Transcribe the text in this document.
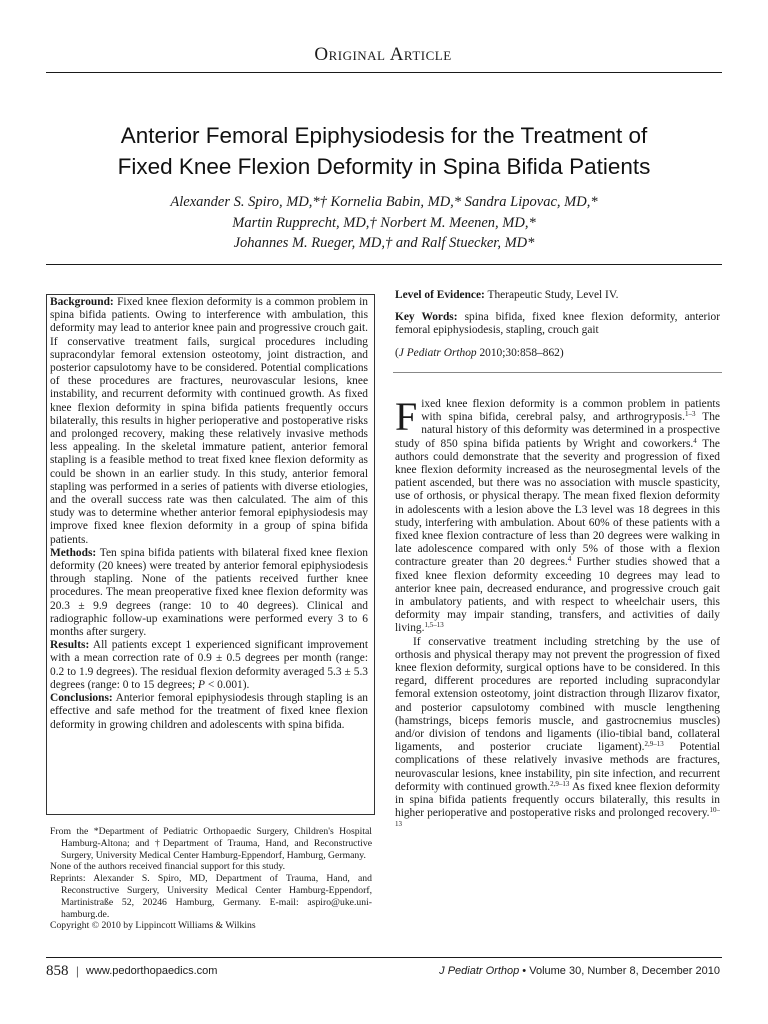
Original Article
Anterior Femoral Epiphysiodesis for the Treatment of
Fixed Knee Flexion Deformity in Spina Bifida Patients
Alexander S. Spiro, MD,*† Kornelia Babin, MD,* Sandra Lipovac, MD,*
Martin Rupprecht, MD,† Norbert M. Meenen, MD,*
Johannes M. Rueger, MD,† and Ralf Stuecker, MD*

Background: Fixed knee flexion deformity is a common problem in spina bifida patients. Owing to interference with ambulation, this deformity may lead to anterior knee pain and progressive crouch gait. If conservative treatment fails, surgical procedures including supracondylar femoral extension osteotomy, joint distraction, and posterior capsulotomy have to be considered. Potential complications of these procedures are fractures, neurovascular lesions, knee instability, and recurrent deformity with continued growth. As fixed knee flexion deformity in spina bifida patients frequently occurs bilaterally, this results in higher perioperative and postoperative risks and prolonged recovery, making these relatively invasive methods less appealing. In the skeletal immature patient, anterior femoral stapling is a feasible method to treat fixed knee flexion deformity as could be shown in an earlier study. In this study, anterior femoral stapling was performed in a series of patients with diverse etiologies, and the overall success rate was then calculated. The aim of this study was to determine whether anterior femoral epiphysiodesis may improve fixed knee flexion deformity in a group of spina bifida patients.

Methods: Ten spina bifida patients with bilateral fixed knee flexion deformity (20 knees) were treated by anterior femoral epiphysiodesis through stapling. None of the patients received further knee procedures. The mean preoperative fixed knee flexion deformity was 20.3 ± 9.9 degrees (range: 10 to 40 degrees). Clinical and radiographic follow-up examinations were performed every 3 to 6 months after surgery.

Results: All patients except 1 experienced significant improvement with a mean correction rate of 0.9 ± 0.5 degrees per month (range: 0.2 to 1.9 degrees). The residual flexion deformity averaged 5.3 ± 5.3 degrees (range: 0 to 15 degrees; P < 0.001).

Conclusions: Anterior femoral epiphysiodesis through stapling is an effective and safe method for the treatment of fixed knee flexion deformity in growing children and adolescents with spina bifida.

From the *Department of Pediatric Orthopaedic Surgery, Children's Hospital Hamburg-Altona; and †Department of Trauma, Hand, and Reconstructive Surgery, University Medical Center Hamburg-Eppendorf, Hamburg, Germany.

None of the authors received financial support for this study.

Reprints: Alexander S. Spiro, MD, Department of Trauma, Hand, and Reconstructive Surgery, University Medical Center Hamburg-Eppendorf, Martinistraße 52, 20246 Hamburg, Germany. E-mail: aspiro@uke.uni-hamburg.de.

Copyright © 2010 by Lippincott Williams & Wilkins

Level of Evidence: Therapeutic Study, Level IV.

Key Words: spina bifida, fixed knee flexion deformity, anterior femoral epiphysiodesis, stapling, crouch gait

(J Pediatr Orthop 2010;30:858–862)

Fixed knee flexion deformity is a common problem in patients with spina bifida, cerebral palsy, and arthrogryposis.$^{1-3}$ The natural history of this deformity was determined in a prospective study of 850 spina bifida patients by Wright and coworkers.$^4$ The authors could demonstrate that the severity and progression of fixed knee flexion deformity increased as the neurosegmental levels of the patient ascended, but there was no association with muscle spasticity, use of orthosis, or physical therapy. The mean fixed flexion deformity in adolescents with a lesion above the L3 level was 18 degrees in this study, interfering with ambulation. About 60% of these patients with a fixed knee flexion contracture of less than 20 degrees were walking in late adolescence compared with only 5% of those with a flexion contracture greater than 20 degrees.$^4$ Further studies showed that a fixed knee flexion deformity exceeding 10 degrees may lead to anterior knee pain, decreased endurance, and progressive crouch gait in ambulatory patients, and with respect to wheelchair users, this deformity may impair standing, transfers, and activities of daily living.$^{1,5-13}$

If conservative treatment including stretching by the use of orthosis and physical therapy may not prevent the progression of fixed knee flexion deformity, surgical options have to be considered. In this regard, different procedures are reported including supracondylar femoral extension osteotomy, joint distraction through Ilizarov fixator, and posterior capsulotomy combined with muscle lengthening (hamstrings, biceps femoris muscle, and gastrocnemius muscles) and/or division of tendons and ligaments (ilio-tibial band, collateral ligaments, and posterior cruciate ligament).$^{2,9-13}$ Potential complications of these relatively invasive methods are fractures, neurovascular lesions, knee instability, pin site infection, and recurrent deformity with continued growth.$^{2,9-13}$ As fixed knee flexion deformity in spina bifida patients frequently occurs bilaterally, this results in higher perioperative and postoperative risks and prolonged recovery.$^{10-13}$

858 | www.pedorthopaedics.com	J Pediatr Orthop • Volume 30, Number 8, December 2010
